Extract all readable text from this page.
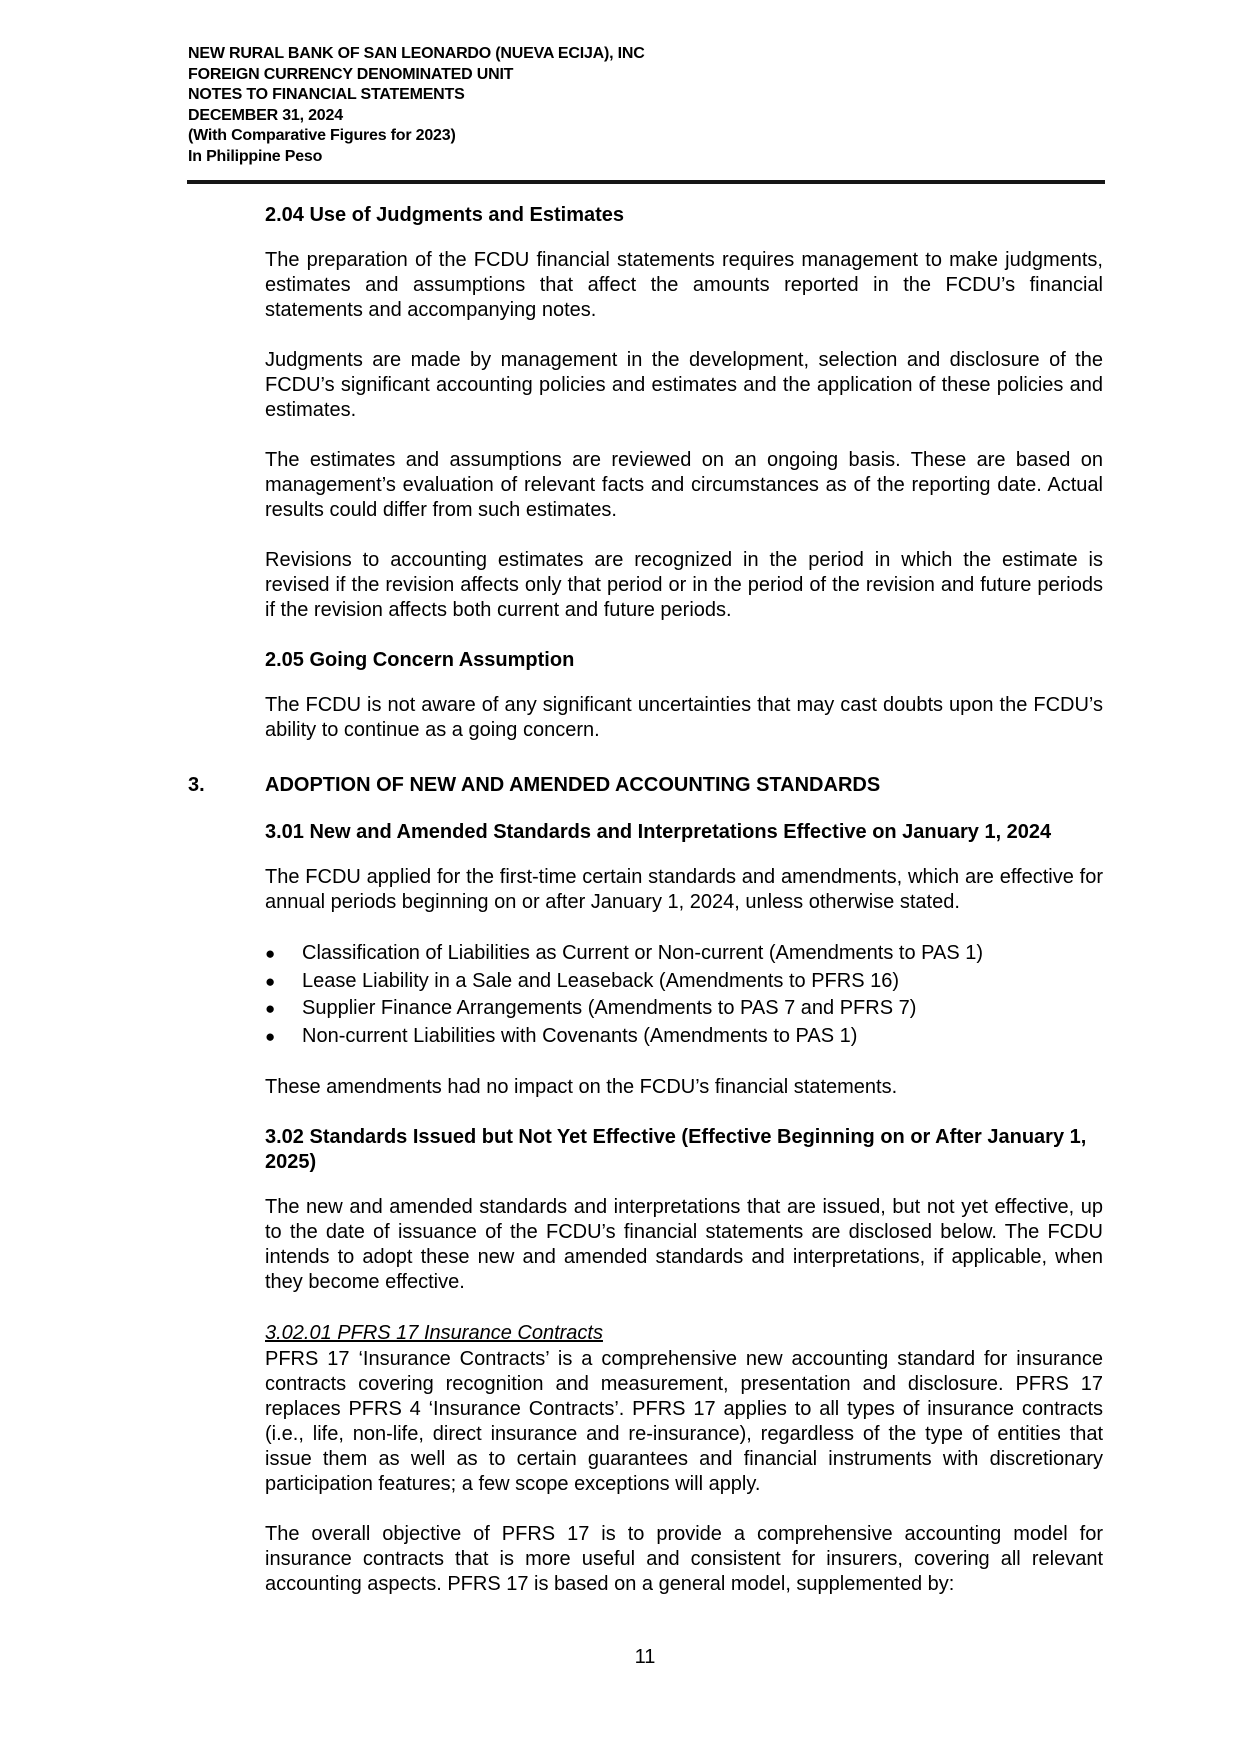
NEW RURAL BANK OF SAN LEONARDO (NUEVA ECIJA), INC
FOREIGN CURRENCY DENOMINATED UNIT
NOTES TO FINANCIAL STATEMENTS
DECEMBER 31, 2024
(With Comparative Figures for 2023)
In Philippine Peso
2.04 Use of Judgments and Estimates

The preparation of the FCDU financial statements requires management to make judgments, estimates and assumptions that affect the amounts reported in the FCDU’s financial statements and accompanying notes.

Judgments are made by management in the development, selection and disclosure of the FCDU’s significant accounting policies and estimates and the application of these policies and estimates.

The estimates and assumptions are reviewed on an ongoing basis. These are based on management’s evaluation of relevant facts and circumstances as of the reporting date. Actual results could differ from such estimates.

Revisions to accounting estimates are recognized in the period in which the estimate is revised if the revision affects only that period or in the period of the revision and future periods if the revision affects both current and future periods.

2.05 Going Concern Assumption

The FCDU is not aware of any significant uncertainties that may cast doubts upon the FCDU’s ability to continue as a going concern.

3.	ADOPTION OF NEW AND AMENDED ACCOUNTING STANDARDS
3.01 New and Amended Standards and Interpretations Effective on January 1, 2024

The FCDU applied for the first-time certain standards and amendments, which are effective for annual periods beginning on or after January 1, 2024, unless otherwise stated.

●	Classification of Liabilities as Current or Non-current (Amendments to PAS 1)
●	Lease Liability in a Sale and Leaseback (Amendments to PFRS 16)
●	Supplier Finance Arrangements (Amendments to PAS 7 and PFRS 7)
●	Non-current Liabilities with Covenants (Amendments to PAS 1)

These amendments had no impact on the FCDU’s financial statements.

3.02 Standards Issued but Not Yet Effective (Effective Beginning on or After January 1, 2025)

The new and amended standards and interpretations that are issued, but not yet effective, up to the date of issuance of the FCDU’s financial statements are disclosed below. The FCDU intends to adopt these new and amended standards and interpretations, if applicable, when they become effective.

3.02.01 PFRS 17 Insurance Contracts

PFRS 17 ‘Insurance Contracts’ is a comprehensive new accounting standard for insurance contracts covering recognition and measurement, presentation and disclosure. PFRS 17 replaces PFRS 4 ‘Insurance Contracts’. PFRS 17 applies to all types of insurance contracts (i.e., life, non-life, direct insurance and re-insurance), regardless of the type of entities that issue them as well as to certain guarantees and financial instruments with discretionary participation features; a few scope exceptions will apply.

The overall objective of PFRS 17 is to provide a comprehensive accounting model for insurance contracts that is more useful and consistent for insurers, covering all relevant accounting aspects. PFRS 17 is based on a general model, supplemented by:

11
